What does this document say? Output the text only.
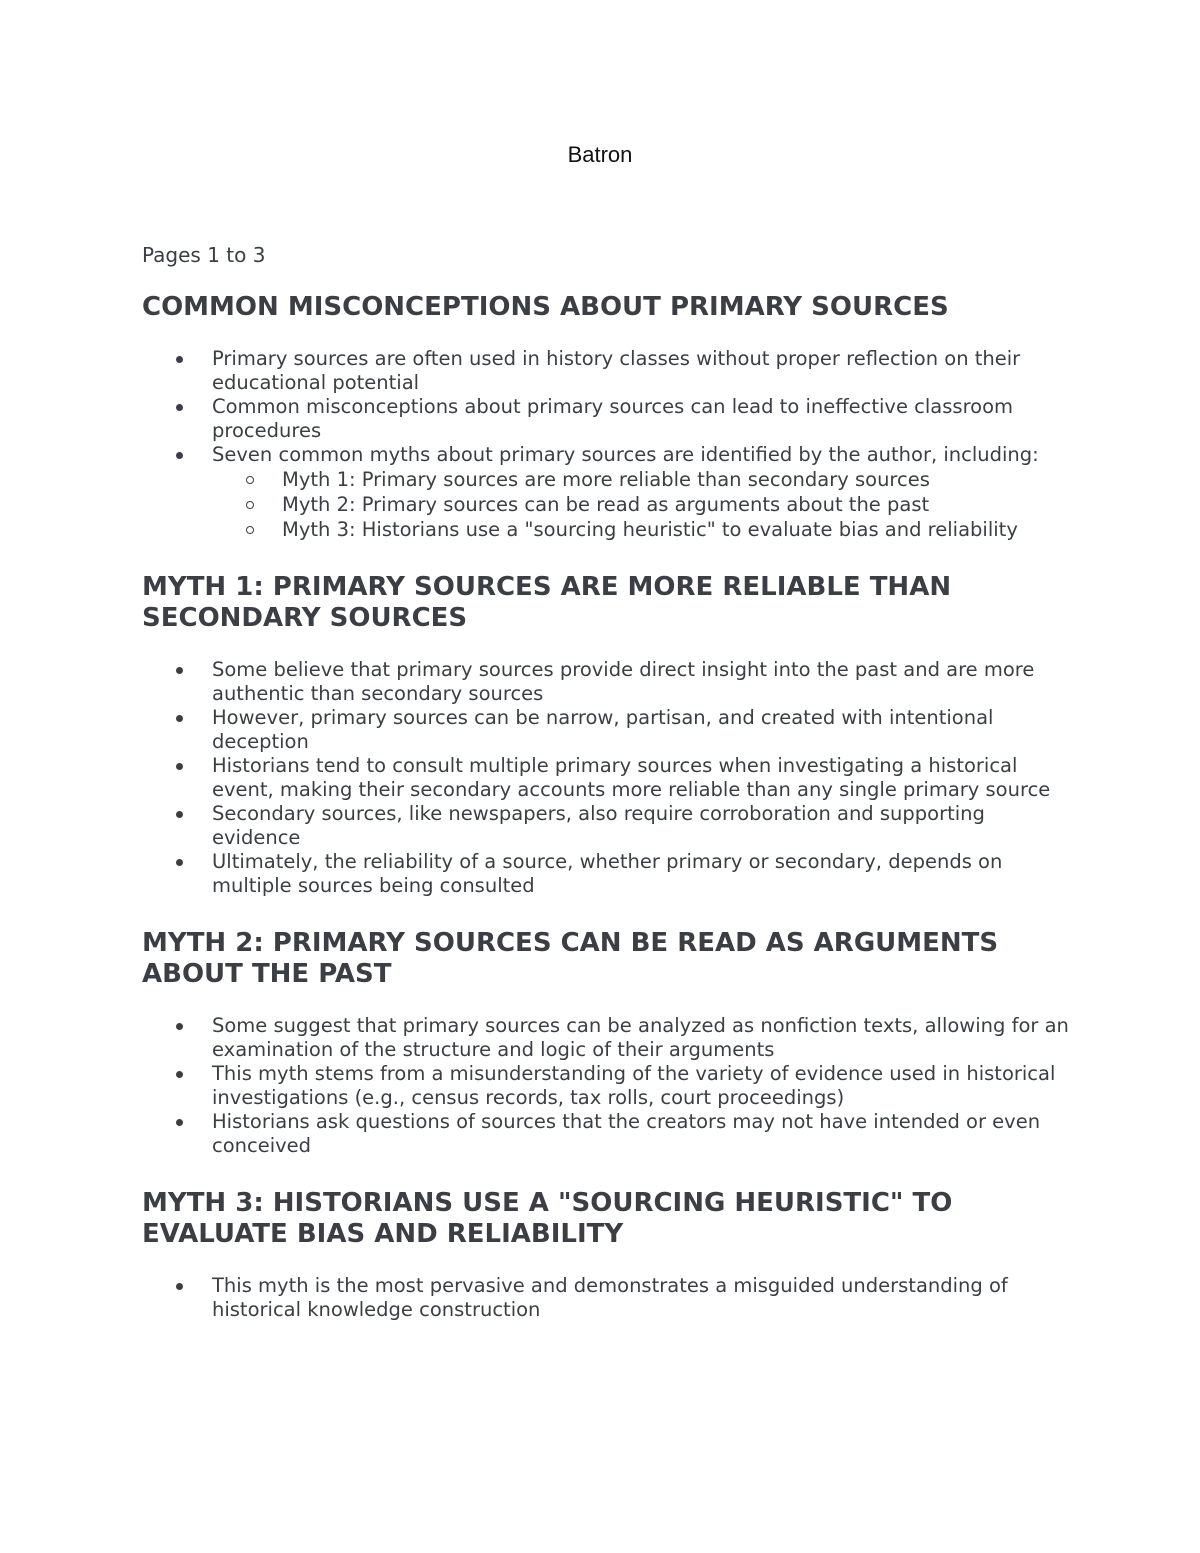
Batron

Pages 1 to 3

COMMON MISCONCEPTIONS ABOUT PRIMARY SOURCES
Primary sources are often used in history classes without proper reflection on their educational potential
Common misconceptions about primary sources can lead to ineffective classroom procedures
Seven common myths about primary sources are identified by the author, including:
Myth 1: Primary sources are more reliable than secondary sources
Myth 2: Primary sources can be read as arguments about the past
Myth 3: Historians use a "sourcing heuristic" to evaluate bias and reliability
MYTH 1: PRIMARY SOURCES ARE MORE RELIABLE THAN SECONDARY SOURCES
Some believe that primary sources provide direct insight into the past and are more authentic than secondary sources
However, primary sources can be narrow, partisan, and created with intentional deception
Historians tend to consult multiple primary sources when investigating a historical event, making their secondary accounts more reliable than any single primary source
Secondary sources, like newspapers, also require corroboration and supporting evidence
Ultimately, the reliability of a source, whether primary or secondary, depends on multiple sources being consulted
MYTH 2: PRIMARY SOURCES CAN BE READ AS ARGUMENTS ABOUT THE PAST
Some suggest that primary sources can be analyzed as nonfiction texts, allowing for an examination of the structure and logic of their arguments
This myth stems from a misunderstanding of the variety of evidence used in historical investigations (e.g., census records, tax rolls, court proceedings)
Historians ask questions of sources that the creators may not have intended or even conceived
MYTH 3: HISTORIANS USE A "SOURCING HEURISTIC" TO EVALUATE BIAS AND RELIABILITY
This myth is the most pervasive and demonstrates a misguided understanding of historical knowledge construction
